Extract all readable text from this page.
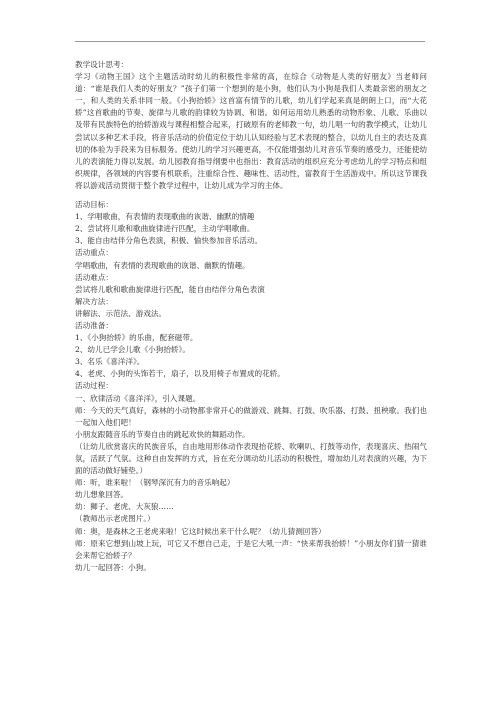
教学设计思考：

学习《动物王国》这个主题活动时幼儿的积极性非常的高，在综合《动物是人类的好朋友》当老师问道：“谁是我们人类的好朋友？”孩子们第一个想到的是小狗，他们认为小狗是我们人类最亲密的朋友之一，和人类的关系非同一般。《小狗抬轿》这首富有情节的儿歌，幼儿们学起来真是朗朗上口，而“大花轿”这首歌曲的节奏、旋律与儿歌的韵律较为协调、和谐。如何运用幼儿熟悉的动物形象、儿歌、乐曲以及带有民族特色的抬轿游戏与课程相整合起来，打破原有的老师教一句，幼儿唱一句的教学模式，让幼儿尝试以多种艺术手段，将音乐活动的价值定位于幼儿认知经验与艺术表现的整合，以幼儿自主的表达及真切的体验为手段来为目标服务。使幼儿的学习兴趣更高，不仅能增强幼儿对音乐节奏的感受力，还能使幼儿的表演能力得以发展。幼儿园教育指导纲要中也指出：教育活动的组织应充分考虑幼儿的学习特点和组织规律，各领域的内容要有机联系，注重综合性、趣味性、活动性，富教育于生活游戏中。所以这节课我将以游戏活动贯彻于整个教学过程中，让幼儿成为学习的主体。

活动目标：

1、学唱歌曲，有表情的表现歌曲的诙谐、幽默的情趣

2、尝试将儿歌和歌曲旋律进行匹配，主动学唱歌曲。

3、能自由结伴分角色表演，积极、愉快参加音乐活动。

活动重点：

学唱歌曲，有表情的表现歌曲的诙谐、幽默的情趣。

活动难点：

尝试将儿歌和歌曲旋律进行匹配，能自由结伴分角色表演

解决方法：

讲解法、示范法、游戏法。

活动准备：

1、《小狗抬轿》的乐曲，配套磁带。

2、幼儿已学会儿歌《小狗抬轿》。

3、名乐《喜洋洋》。

4、老虎、小狗的头饰若干，扇子，以及用椅子布置成的花轿。

活动过程：

一、欣律活动《喜洋洋》，引入课题。

师：今天的天气真好，森林的小动物都非常开心的做游戏、跳舞、打鼓、吹乐器、打鼓、扭秧歌。我们也一起加入他们吧！

小朋友跟随音乐的节奏自由的跳起欢快的舞蹈动作。

（让幼儿欣赏喜庆的民族音乐，自由地用形体动作表现抬花轿、吹喇叭、打鼓等动作，表现喜庆、热闹气氛，活跃了气氛。这种自由发挥的方式，旨在充分调动幼儿活动的积极性，增加幼儿对表演的兴趣，为下面的活动做好铺垫。）

师：听，谁来啦！（钢琴深沉有力的音乐响起）

幼儿想象回答。

幼：狮子、老虎、大灰狼……

（教师出示老虎图片。）

师：奥，是森林之王老虎来啦！它这时候出来干什么呢？（幼儿猜测回答）

师：原来它想到山坡上玩，可它又不想自己走，于是它大吼一声：“快来帮我抬轿！”小朋友你们猜一猜谁会来帮它抬轿子？

幼儿一起回答：小狗。
